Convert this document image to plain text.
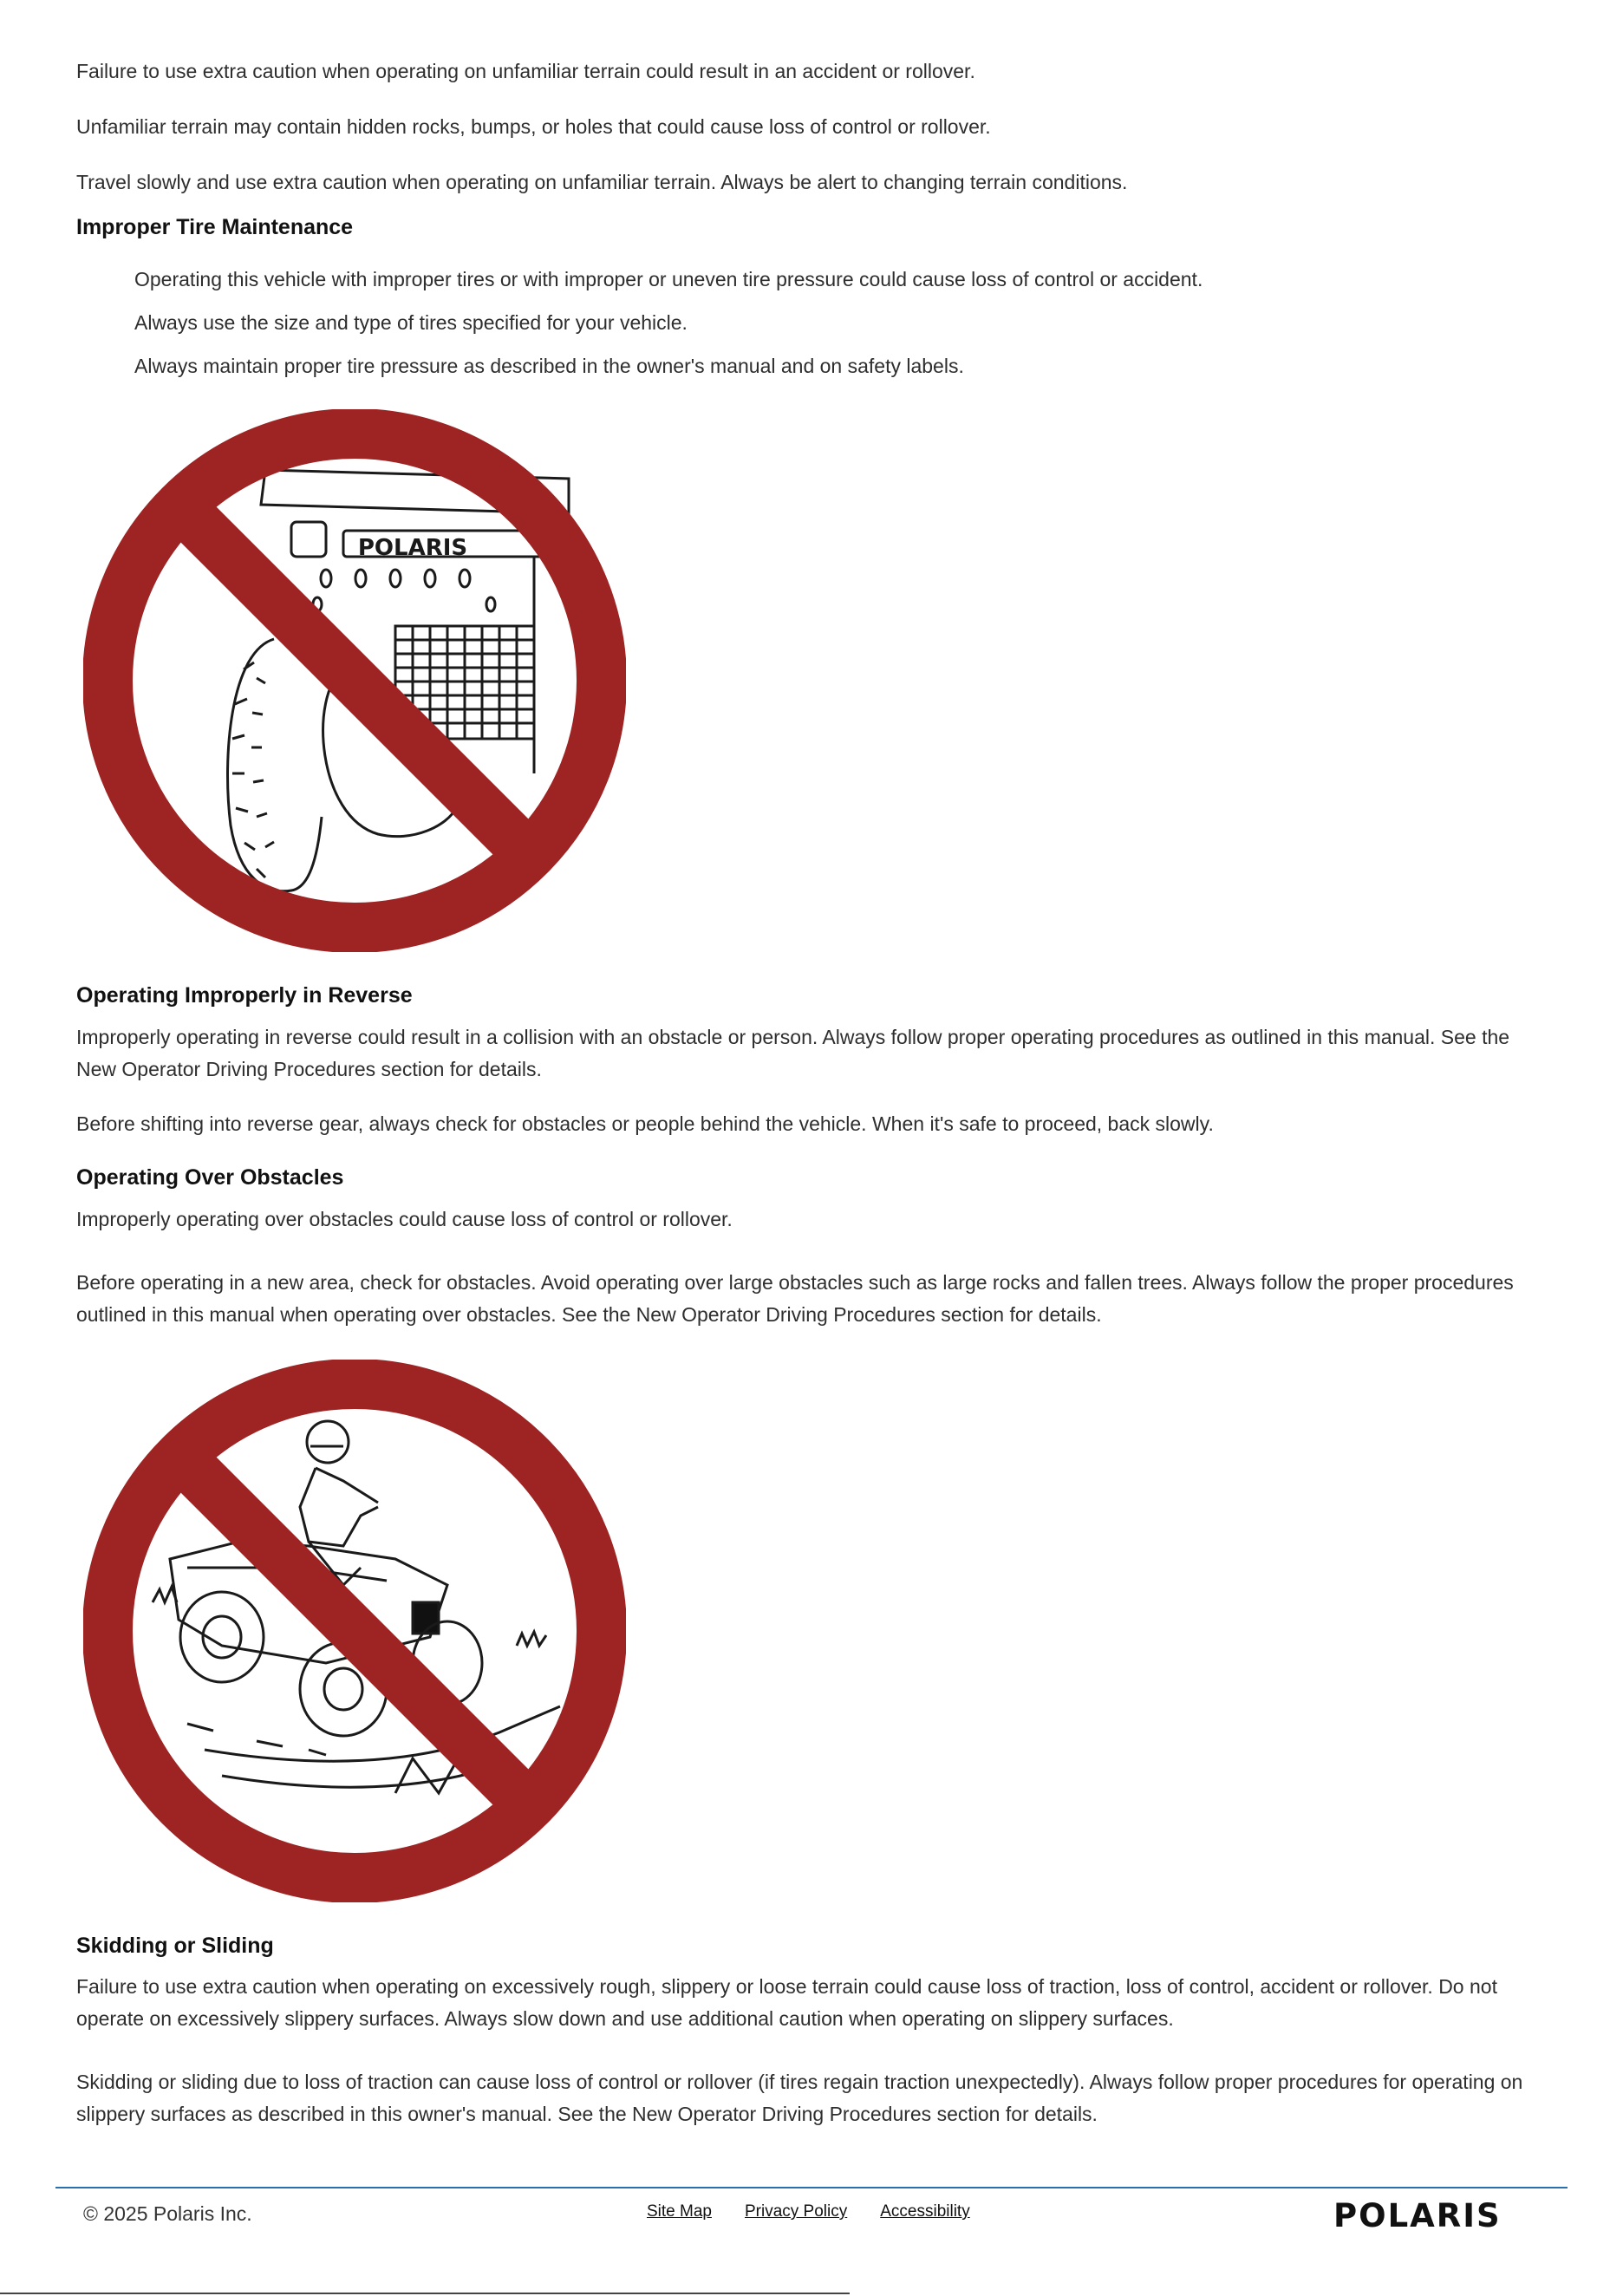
Failure to use extra caution when operating on unfamiliar terrain could result in an accident or rollover.

Unfamiliar terrain may contain hidden rocks, bumps, or holes that could cause loss of control or rollover.

Travel slowly and use extra caution when operating on unfamiliar terrain. Always be alert to changing terrain conditions.

Improper Tire Maintenance

Operating this vehicle with improper tires or with improper or uneven tire pressure could cause loss of control or accident.

Always use the size and type of tires specified for your vehicle.

Always maintain proper tire pressure as described in the owner's manual and on safety labels.

POLARIS
Operating Improperly in Reverse

Improperly operating in reverse could result in a collision with an obstacle or person. Always follow proper operating procedures as outlined in this manual. See the New Operator Driving Procedures section for details.

Before shifting into reverse gear, always check for obstacles or people behind the vehicle. When it's safe to proceed, back slowly.

Operating Over Obstacles

Improperly operating over obstacles could cause loss of control or rollover.

Before operating in a new area, check for obstacles. Avoid operating over large obstacles such as large rocks and fallen trees. Always follow the proper procedures outlined in this manual when operating over obstacles. See the New Operator Driving Procedures section for details.

Skidding or Sliding

Failure to use extra caution when operating on excessively rough, slippery or loose terrain could cause loss of traction, loss of control, accident or rollover. Do not operate on excessively slippery surfaces. Always slow down and use additional caution when operating on slippery surfaces.

Skidding or sliding due to loss of traction can cause loss of control or rollover (if tires regain traction unexpectedly). Always follow proper procedures for operating on slippery surfaces as described in this owner's manual. See the New Operator Driving Procedures section for details.

© 2025 Polaris Inc.	Site Map Privacy Policy Accessibility	POLARIS
